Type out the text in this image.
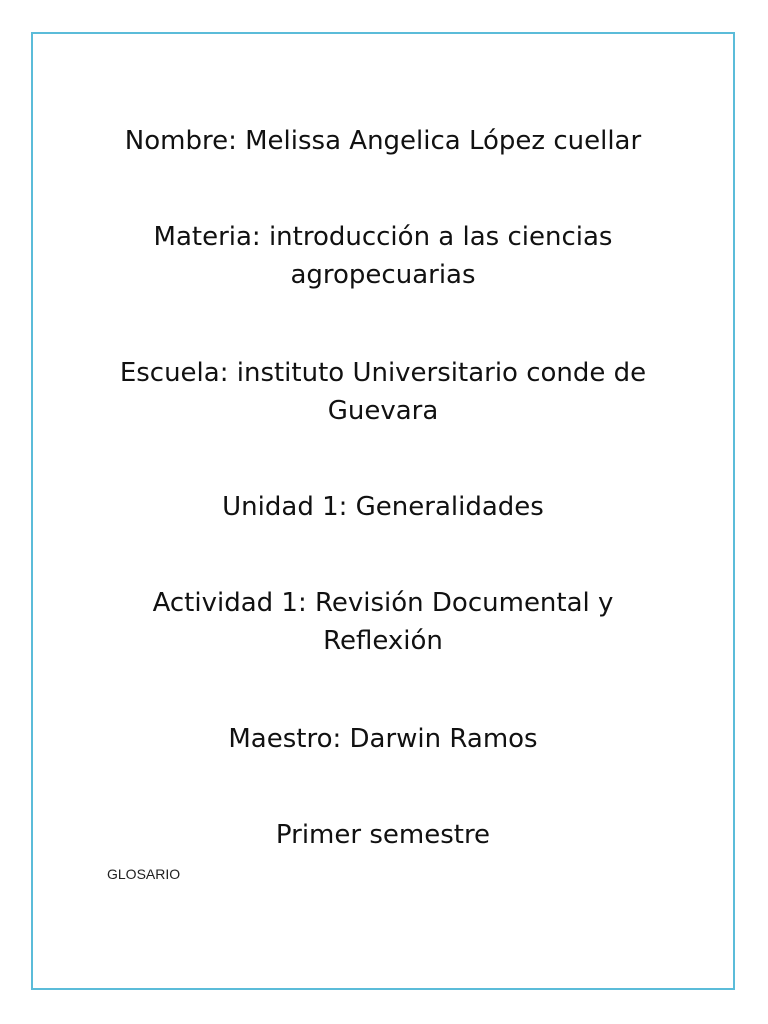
Nombre: Melissa Angelica López cuellar

Materia: introducción a las ciencias agropecuarias

Escuela: instituto Universitario conde de Guevara

Unidad 1: Generalidades

Actividad 1: Revisión Documental y Reflexión

Maestro: Darwin Ramos

Primer semestre

GLOSARIO
